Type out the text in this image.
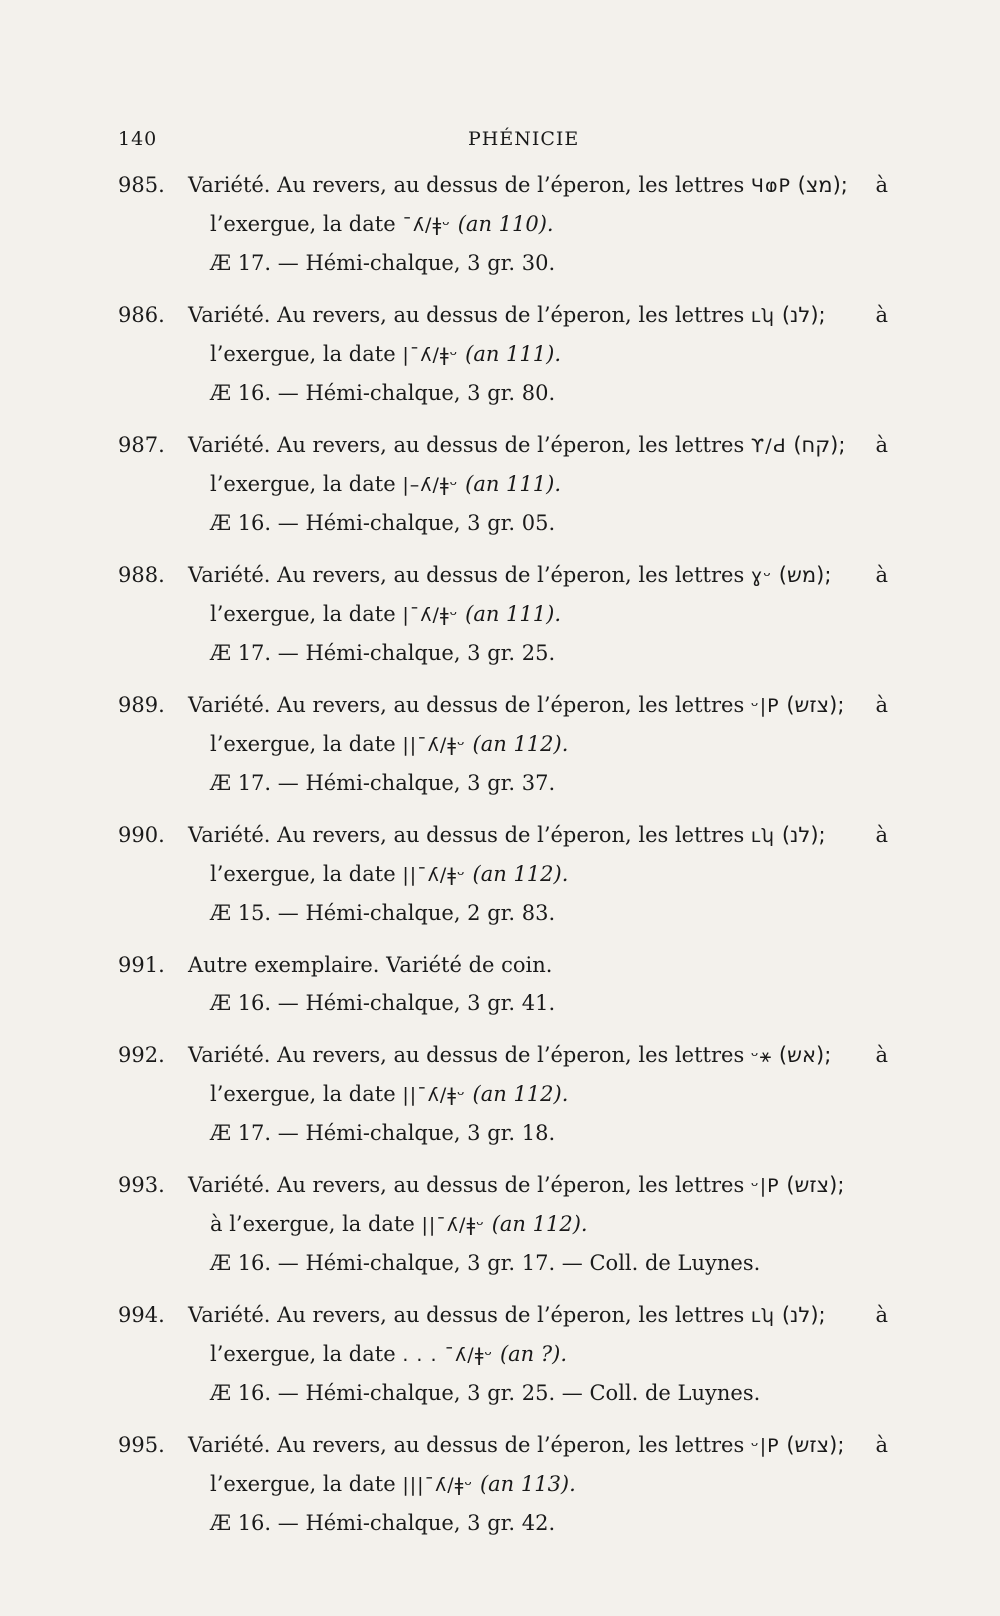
140	PHÉNICIE
985.	Variété. Au revers, au dessus de l’éperon, les lettres ЧⱷР (מצ); à
l’exergue, la date ¯ʎ/ǂᵕ (an 110).
Æ 17. — Hémi-chalque, 3 gr. 30.
986.	Variété. Au revers, au dessus de l’éperon, les lettres ʟʮ (לנ); à
l’exergue, la date |¯ʎ/ǂᵕ (an 111).
Æ 16. — Hémi-chalque, 3 gr. 80.
987.	Variété. Au revers, au dessus de l’éperon, les lettres ϒ/Ԁ (קח); à
l’exergue, la date |–ʎ/ǂᵕ (an 111).
Æ 16. — Hémi-chalque, 3 gr. 05.
988.	Variété. Au revers, au dessus de l’éperon, les lettres ɣᵕ (מש); à
l’exergue, la date |¯ʎ/ǂᵕ (an 111).
Æ 17. — Hémi-chalque, 3 gr. 25.
989.	Variété. Au revers, au dessus de l’éperon, les lettres ᵕ|Р (צזש); à
l’exergue, la date ||¯ʎ/ǂᵕ (an 112).
Æ 17. — Hémi-chalque, 3 gr. 37.
990.	Variété. Au revers, au dessus de l’éperon, les lettres ʟʮ (לנ); à
l’exergue, la date ||¯ʎ/ǂᵕ (an 112).
Æ 15. — Hémi-chalque, 2 gr. 83.
991.	Autre exemplaire. Variété de coin.
Æ 16. — Hémi-chalque, 3 gr. 41.
992.	Variété. Au revers, au dessus de l’éperon, les lettres ᵕ⚹ (אש); à
l’exergue, la date ||¯ʎ/ǂᵕ (an 112).
Æ 17. — Hémi-chalque, 3 gr. 18.
993.	Variété. Au revers, au dessus de l’éperon, les lettres ᵕ|Р (צזש);
à l’exergue, la date ||¯ʎ/ǂᵕ (an 112).
Æ 16. — Hémi-chalque, 3 gr. 17. — Coll. de Luynes.
994.	Variété. Au revers, au dessus de l’éperon, les lettres ʟʮ (לנ); à
l’exergue, la date . . . ¯ʎ/ǂᵕ (an ?).
Æ 16. — Hémi-chalque, 3 gr. 25. — Coll. de Luynes.
995.	Variété. Au revers, au dessus de l’éperon, les lettres ᵕ|Р (צזש); à
l’exergue, la date |||¯ʎ/ǂᵕ (an 113).
Æ 16. — Hémi-chalque, 3 gr. 42.
